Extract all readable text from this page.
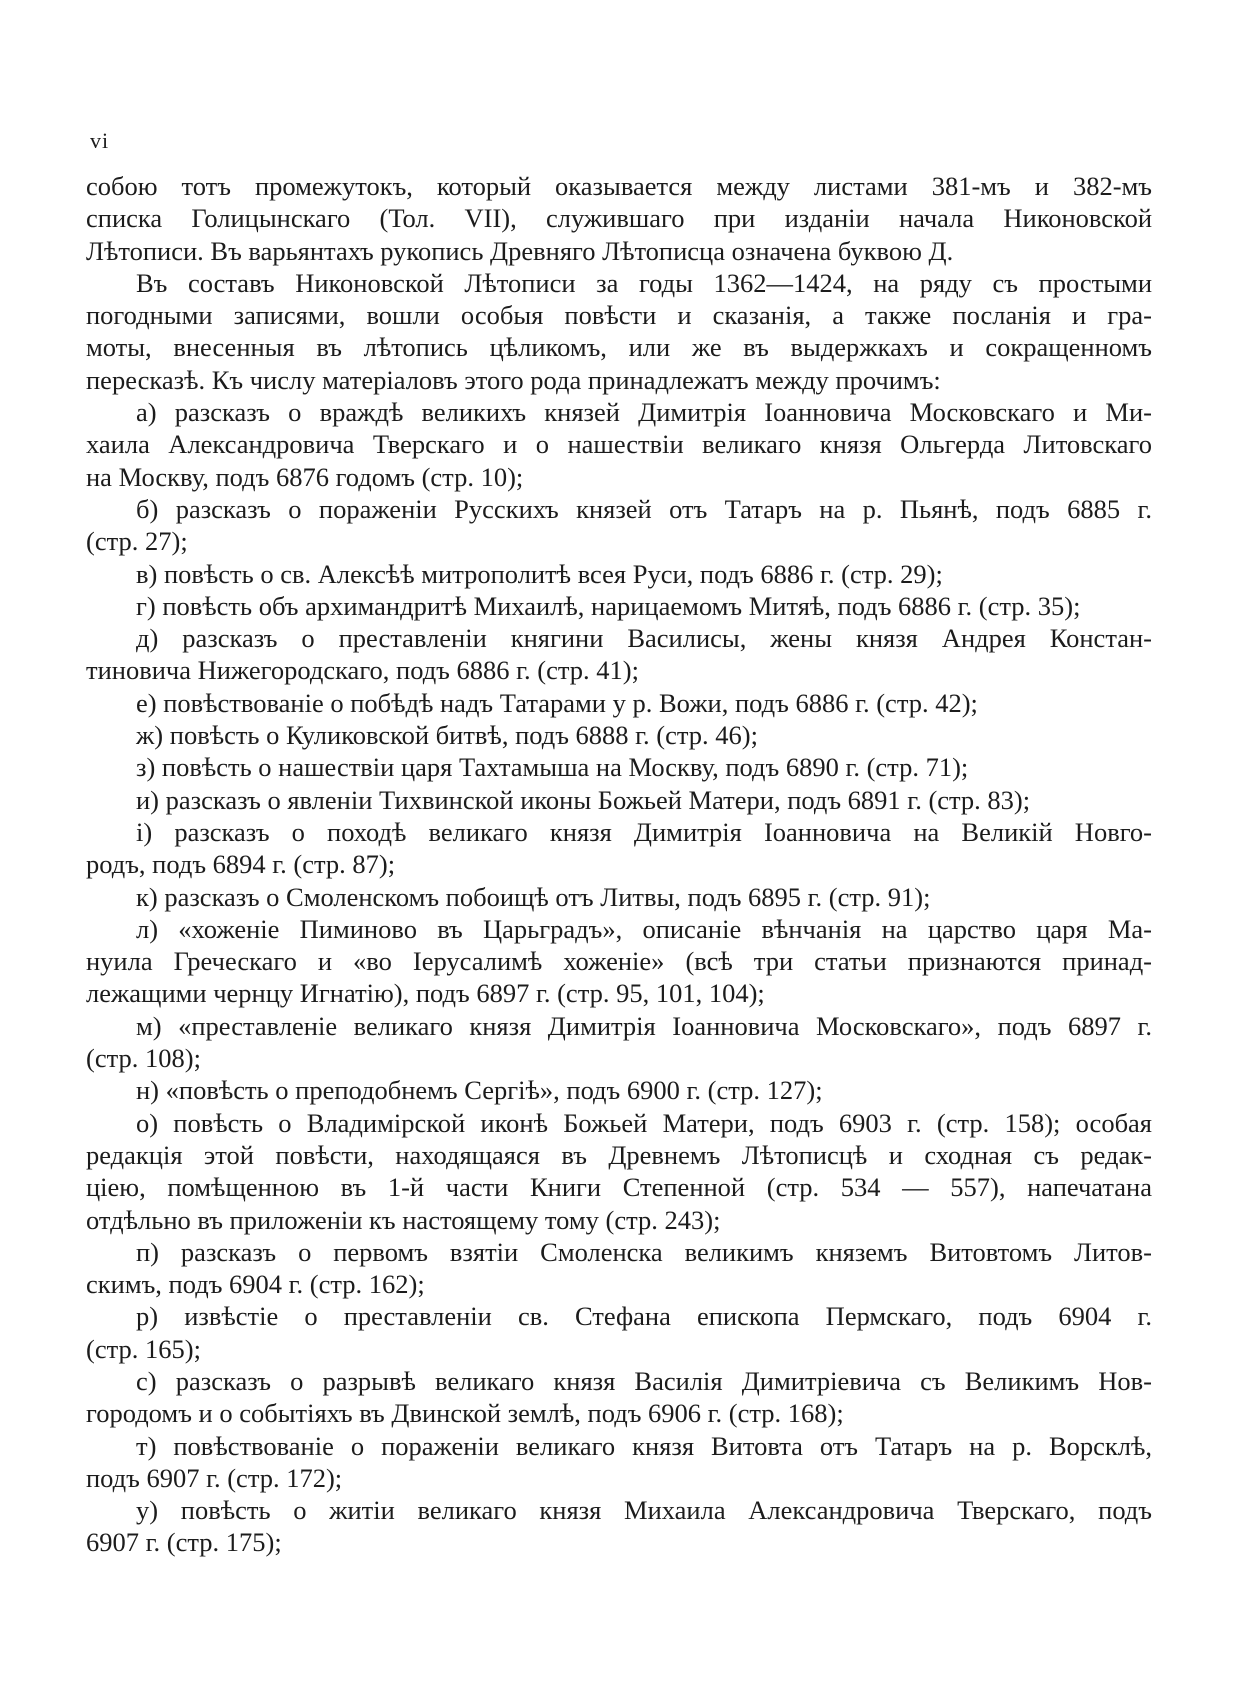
vi
собою тотъ промежутокъ, который оказывается между листами 381-мъ и 382-мъ
списка Голицынскаго (Тол. VII), служившаго при изданіи начала Никоновской
Лѣтописи. Въ варьянтахъ рукопись Древняго Лѣтописца означена буквою Д.
Въ составъ Никоновской Лѣтописи за годы 1362—1424, на ряду съ простыми
погодными записями, вошли особыя повѣсти и сказанія, а также посланія и гра-
моты, внесенныя въ лѣтопись цѣликомъ, или же въ выдержкахъ и сокращенномъ
пересказѣ. Къ числу матеріаловъ этого рода принадлежатъ между прочимъ:
а) разсказъ о враждѣ великихъ князей Димитрія Іоанновича Московскаго и Ми-
хаила Александровича Тверскаго и о нашествіи великаго князя Ольгерда Литовскаго
на Москву, подъ 6876 годомъ (стр. 10);
б) разсказъ о пораженіи Русскихъ князей отъ Татаръ на р. Пьянѣ, подъ 6885 г.
(стр. 27);
в) повѣсть о св. Алексѣѣ митрополитѣ всея Руси, подъ 6886 г. (стр. 29);
г) повѣсть объ архимандритѣ Михаилѣ, нарицаемомъ Митяѣ, подъ 6886 г. (стр. 35);
д) разсказъ о преставленіи княгини Василисы, жены князя Андрея Констан-
тиновича Нижегородскаго, подъ 6886 г. (стр. 41);
е) повѣствованіе о побѣдѣ надъ Татарами у р. Вожи, подъ 6886 г. (стр. 42);
ж) повѣсть о Куликовской битвѣ, подъ 6888 г. (стр. 46);
з) повѣсть о нашествіи царя Тахтамыша на Москву, подъ 6890 г. (стр. 71);
и) разсказъ о явленіи Тихвинской иконы Божьей Матери, подъ 6891 г. (стр. 83);
і) разсказъ о походѣ великаго князя Димитрія Іоанновича на Великій Новго-
родъ, подъ 6894 г. (стр. 87);
к) разсказъ о Смоленскомъ побоищѣ отъ Литвы, подъ 6895 г. (стр. 91);
л) «хоженіе Пиминово въ Царьградъ», описаніе вѣнчанія на царство царя Ма-
нуила Греческаго и «во Іерусалимѣ хоженіе» (всѣ три статьи признаются принад-
лежащими чернцу Игнатію), подъ 6897 г. (стр. 95, 101, 104);
м) «преставленіе великаго князя Димитрія Іоанновича Московскаго», подъ 6897 г.
(стр. 108);
н) «повѣсть о преподобнемъ Сергіѣ», подъ 6900 г. (стр. 127);
о) повѣсть о Владимірской иконѣ Божьей Матери, подъ 6903 г. (стр. 158); особая
редакція этой повѣсти, находящаяся въ Древнемъ Лѣтописцѣ и сходная съ редак-
ціею, помѣщенною въ 1-й части Книги Степенной (стр. 534 — 557), напечатана
отдѣльно въ приложеніи къ настоящему тому (стр. 243);
п) разсказъ о первомъ взятіи Смоленска великимъ княземъ Витовтомъ Литов-
скимъ, подъ 6904 г. (стр. 162);
р) извѣстіе о преставленіи св. Стефана епископа Пермскаго, подъ 6904 г.
(стр. 165);
с) разсказъ о разрывѣ великаго князя Василія Димитріевича съ Великимъ Нов-
городомъ и о событіяхъ въ Двинской землѣ, подъ 6906 г. (стр. 168);
т) повѣствованіе о пораженіи великаго князя Витовта отъ Татаръ на р. Ворсклѣ,
подъ 6907 г. (стр. 172);
у) повѣсть о житіи великаго князя Михаила Александровича Тверскаго, подъ
6907 г. (стр. 175);
